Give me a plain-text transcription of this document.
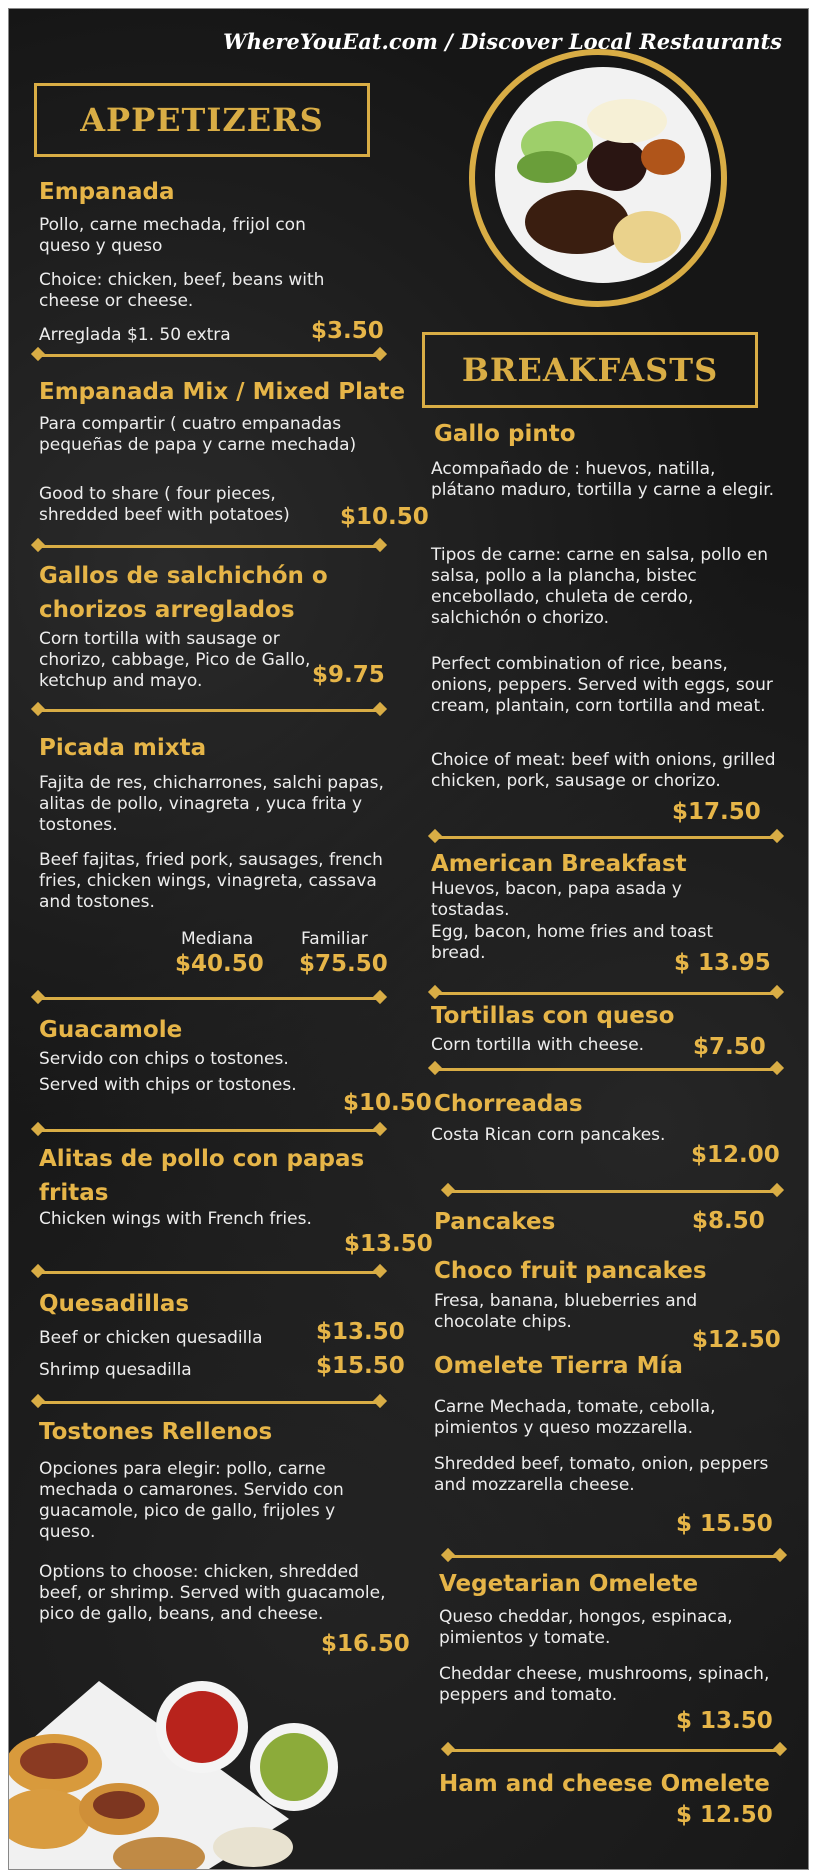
WhereYouEat.com / Discover Local Restaurants
APPETIZERS
Empanada
Pollo, carne mechada, frijol con queso y queso
Choice: chicken, beef, beans with cheese or cheese.
Arreglada $1. 50 extra	$3.50
Empanada Mix / Mixed Plate
Para compartir ( cuatro empanadas pequeñas de papa y carne mechada)
Good to share ( four pieces, shredded beef with potatoes)	$10.50
Gallos de salchichón o chorizos arreglados
Corn tortilla with sausage or chorizo, cabbage, Pico de Gallo, ketchup and mayo.	$9.75
Picada mixta
Fajita de res, chicharrones, salchi papas, alitas de pollo, vinagreta , yuca frita y tostones.
Beef fajitas, fried pork, sausages, french fries, chicken wings, vinagreta, cassava and tostones.
Mediana
$40.50
Familiar
$75.50
Guacamole
Servido con chips o tostones.
Served with chips or tostones.
$10.50
Alitas de pollo con papas fritas
Chicken wings with French fries.
$13.50
Quesadillas
Beef or chicken quesadilla $13.50
Shrimp quesadilla	$15.50
Tostones Rellenos
Opciones para elegir: pollo, carne mechada o camarones. Servido con guacamole, pico de gallo, frijoles y queso.
Options to choose: chicken, shredded beef, or shrimp. Served with guacamole, pico de gallo, beans, and cheese.
$16.50
BREAKFASTS
Gallo pinto
Acompañado de : huevos, natilla, plátano maduro, tortilla y carne a elegir.
Tipos de carne: carne en salsa, pollo en salsa, pollo a la plancha, bistec encebollado, chuleta de cerdo, salchichón o chorizo.
Perfect combination of rice, beans, onions, peppers. Served with eggs, sour cream, plantain, corn tortilla and meat.
Choice of meat: beef with onions, grilled chicken, pork, sausage or chorizo.
$17.50
American Breakfast
Huevos, bacon, papa asada y tostadas.
Egg, bacon, home fries and toast bread.	$ 13.95
Tortillas con queso
Corn tortilla with cheese. $7.50
Chorreadas
Costa Rican corn pancakes.
$12.00
Pancakes	$8.50
Choco fruit pancakes
Fresa, banana, blueberries and chocolate chips.
$12.50
Omelete Tierra Mía
Carne Mechada, tomate, cebolla, pimientos y queso mozzarella.
Shredded beef, tomato, onion, peppers and mozzarella cheese.
$ 15.50
Vegetarian Omelete
Queso cheddar, hongos, espinaca, pimientos y tomate.
Cheddar cheese, mushrooms, spinach, peppers and tomato.
$ 13.50
Ham and cheese Omelete
$ 12.50
